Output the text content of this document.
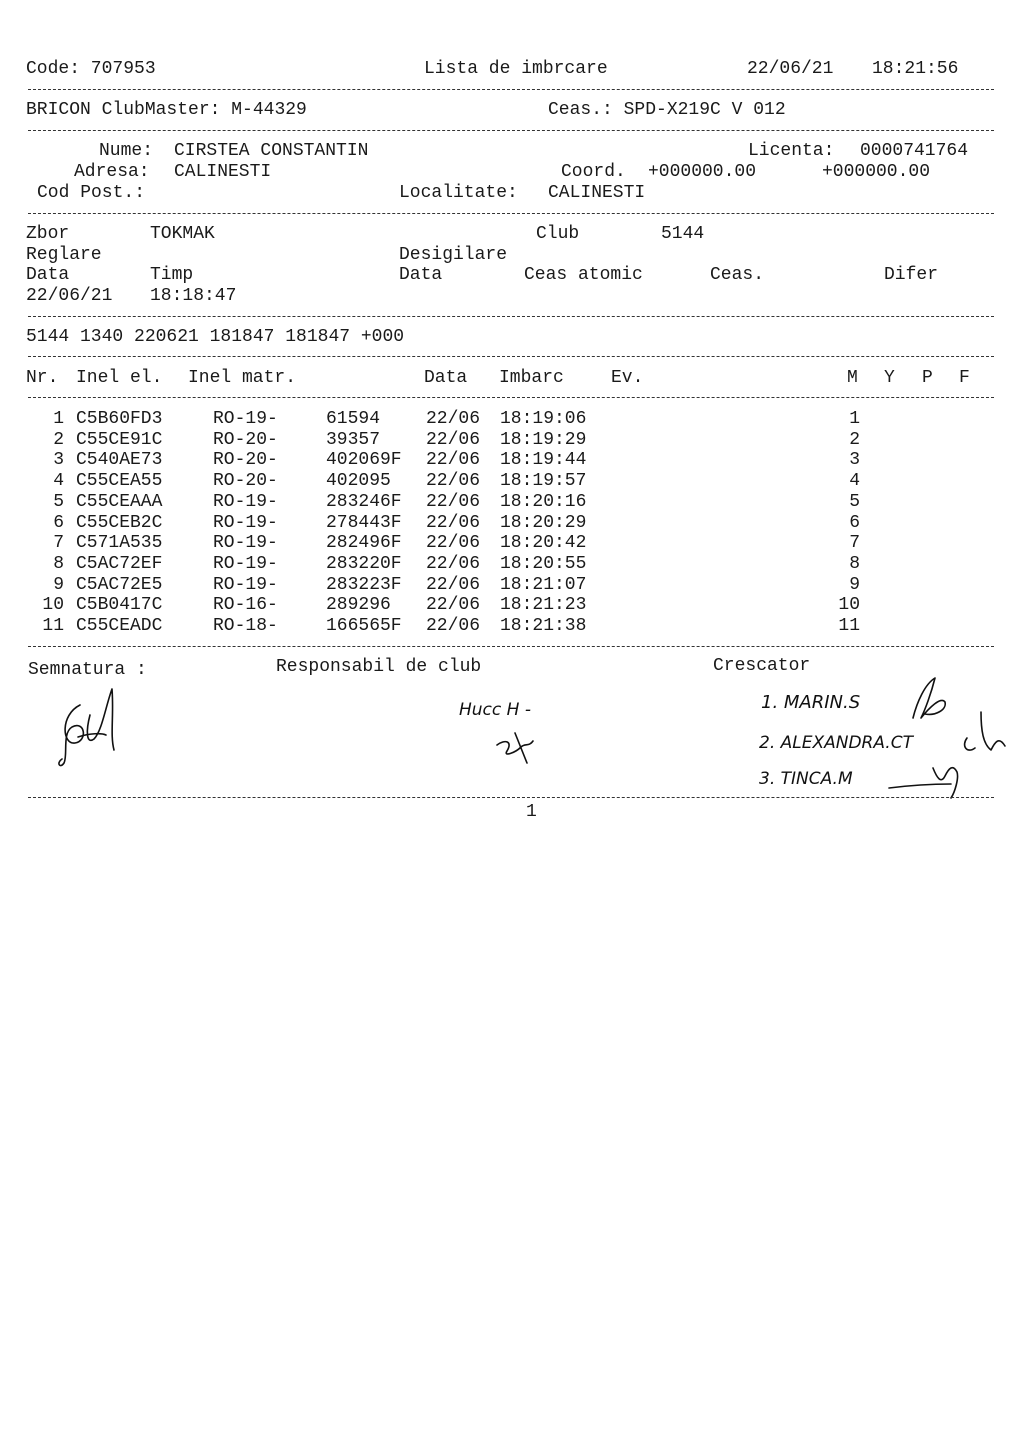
Code: 707953	Lista de imbrcare	22/06/21 18:21:56
BRICON ClubMaster: M-44329	Ceas.: SPD-X219C V 012
Nume: CIRSTEA CONSTANTIN	Licenta: 0000741764
Adresa: CALINESTI	Coord. +000000.00	+000000.00
Cod Post.:	Localitate: CALINESTI
Zbor	TOKMAK	Club	5144
Reglare	Desigilare
Data	Timp	Data	Ceas atomic	Ceas.	Difer
22/06/21 18:18:47
5144 1340 220621 181847 181847 +000
Nr. Inel el. Inel matr.	Data Imbarc	Ev.	M Y P F
1 C5B60FD3	RO-19-	61594	22/06 18:19:06	1
2 C55CE91C	RO-20-	39357	22/06 18:19:29	2
3 C540AE73	RO-20-	402069F 22/06 18:19:44	3
4 C55CEA55	RO-20-	402095 22/06 18:19:57	4
5 C55CEAAA	RO-19-	283246F 22/06 18:20:16	5
6 C55CEB2C	RO-19-	278443F 22/06 18:20:29	6
7 C571A535	RO-19-	282496F 22/06 18:20:42	7
8 C5AC72EF	RO-19-	283220F 22/06 18:20:55	8
9 C5AC72E5	RO-19-	283223F 22/06 18:21:07	9
10 C5B0417C	RO-16-	289296 22/06 18:21:23	10
11 C55CEADC	RO-18-	166565F 22/06 18:21:38	11
Semnatura :	Responsabil de club	Crescator
Hucc H -	1. MARIN.S
2. ALEXANDRA.CT
3. TINCA.M
1
